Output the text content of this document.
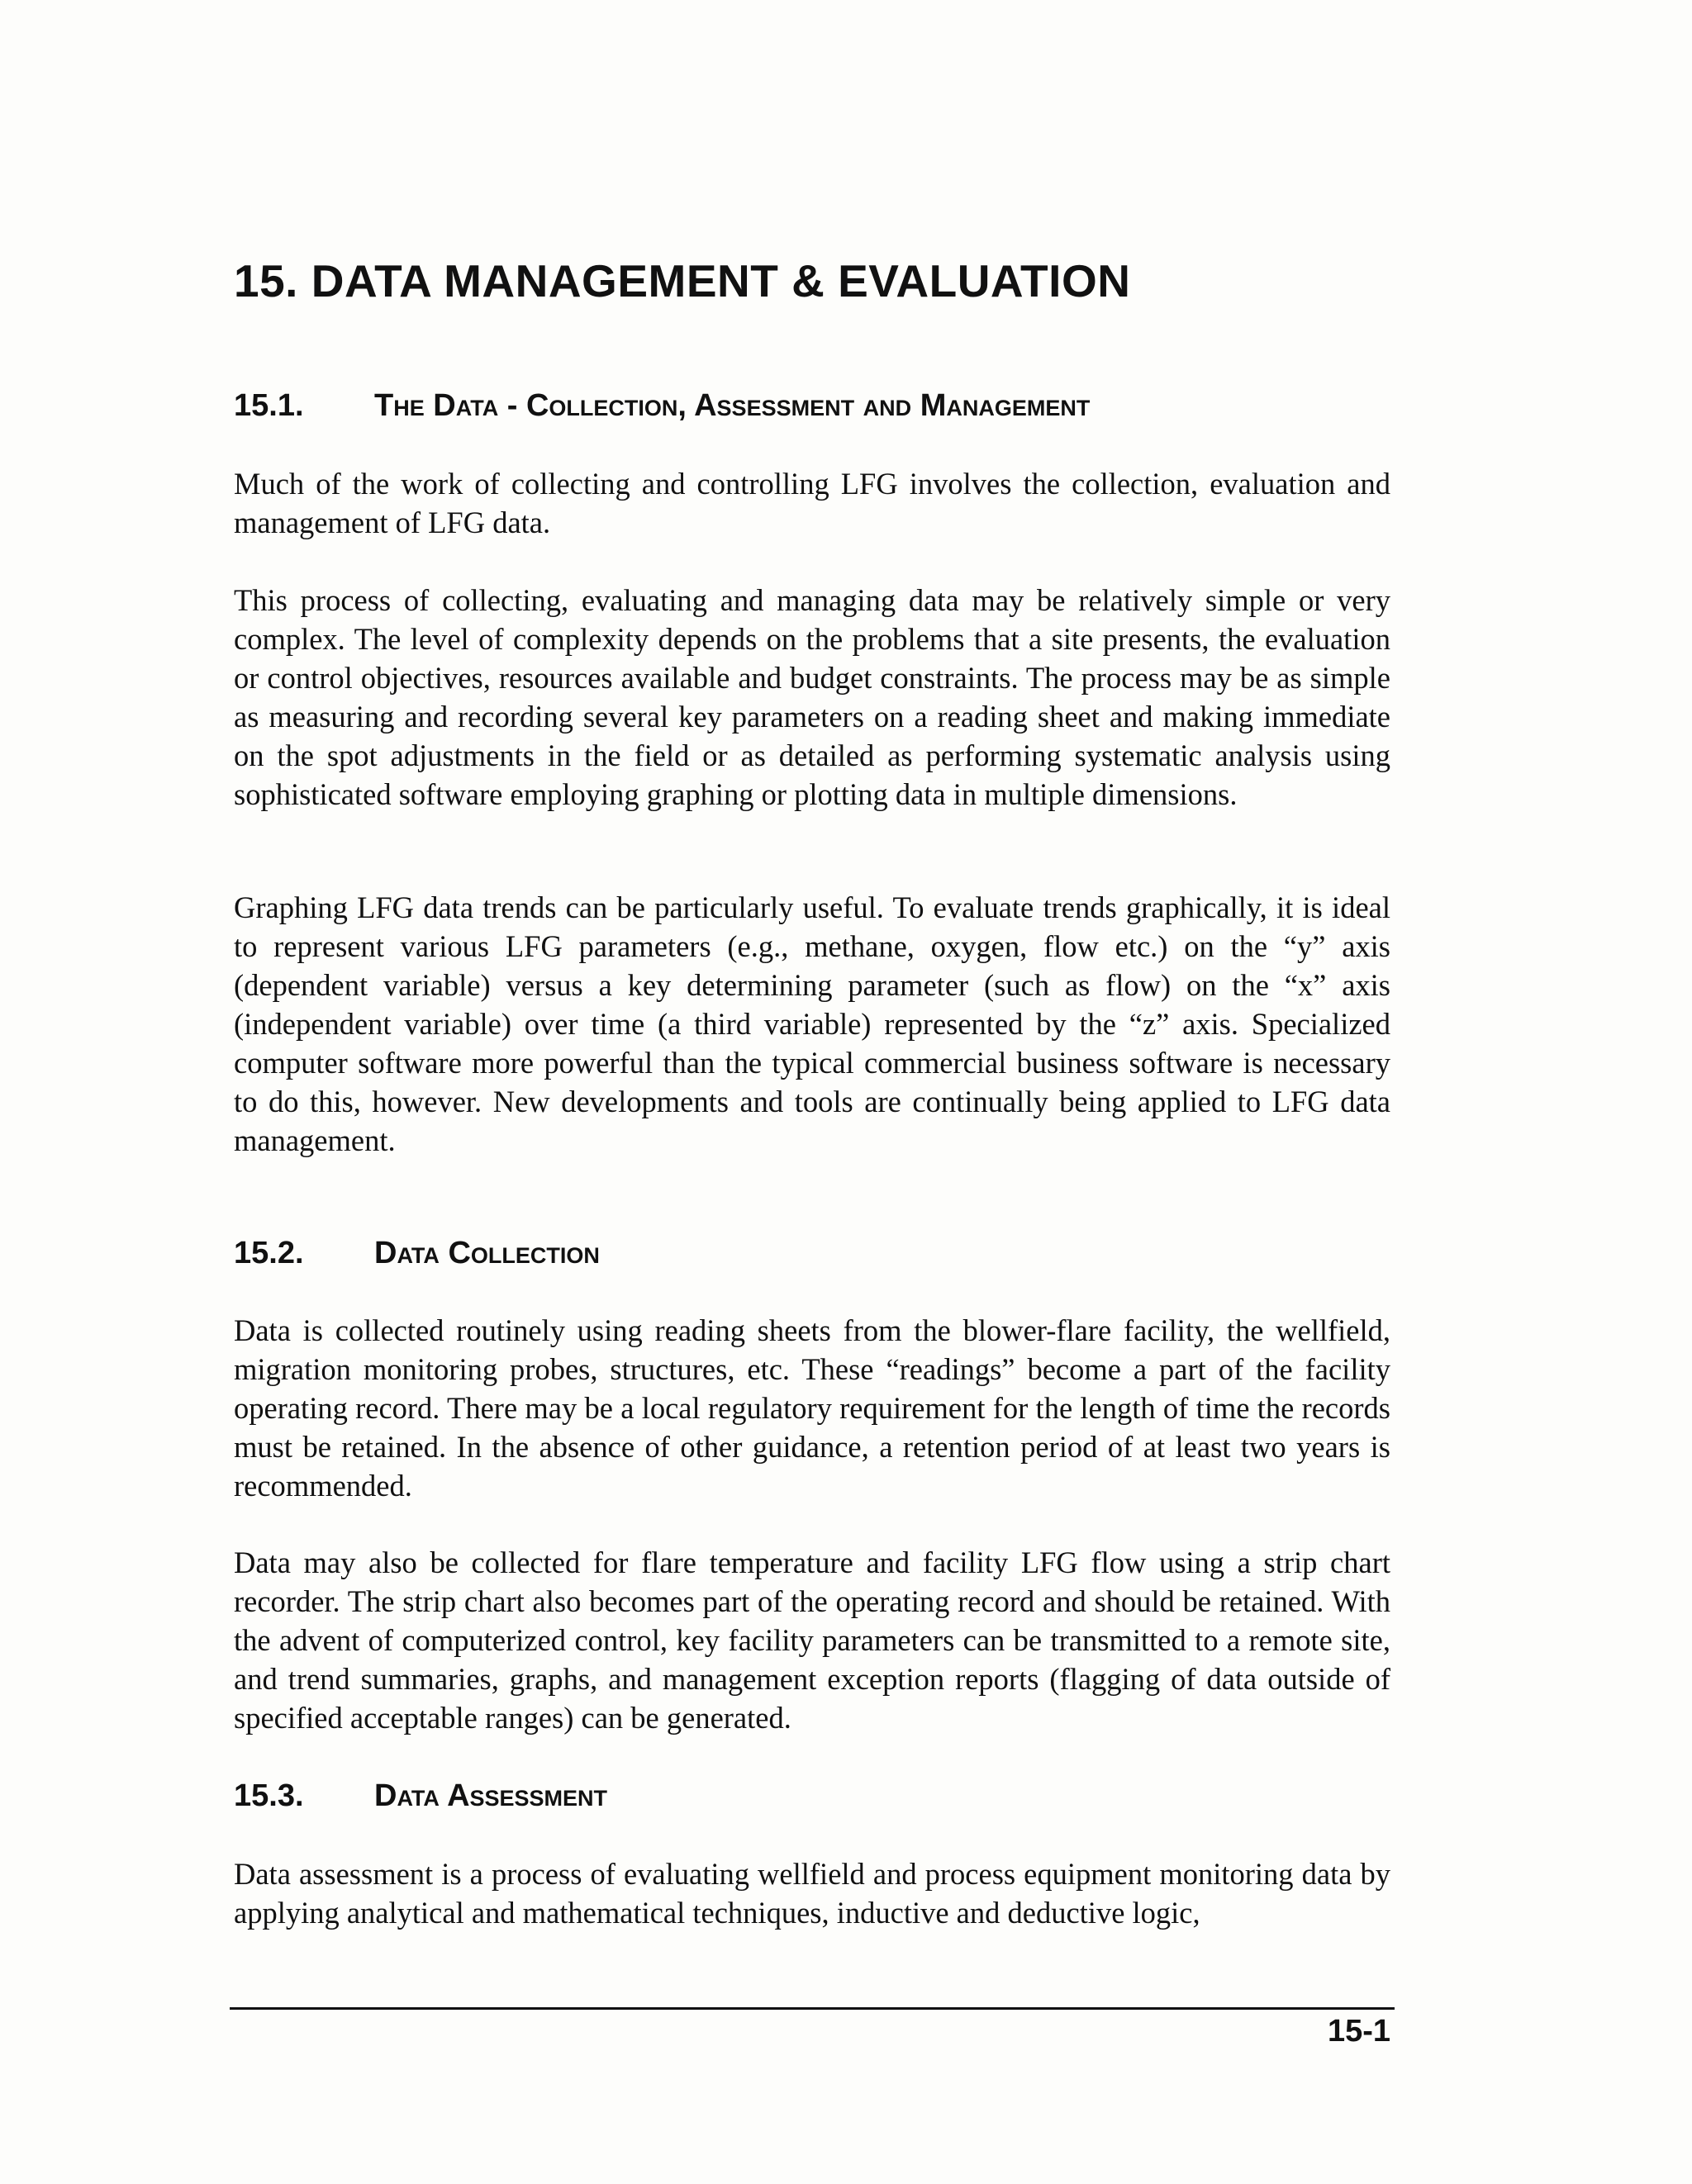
15. DATA MANAGEMENT & EVALUATION
15.1. The Data - Collection, Assessment and Management

Much of the work of collecting and controlling LFG involves the collection, evaluation and management of LFG data.

This process of collecting, evaluating and managing data may be relatively simple or very complex. The level of complexity depends on the problems that a site presents, the evaluation or control objectives, resources available and budget constraints. The process may be as simple as measuring and recording several key parameters on a reading sheet and making immediate on the spot adjustments in the field or as detailed as performing systematic analysis using sophisticated software employing graphing or plotting data in multiple dimensions.

Graphing LFG data trends can be particularly useful. To evaluate trends graphically, it is ideal to represent various LFG parameters (e.g., methane, oxygen, flow etc.) on the “y” axis (dependent variable) versus a key determining parameter (such as flow) on the “x” axis (independent variable) over time (a third variable) represented by the “z” axis. Specialized computer software more powerful than the typical commercial business software is necessary to do this, however. New developments and tools are continually being applied to LFG data management.

15.2. Data Collection

Data is collected routinely using reading sheets from the blower-flare facility, the wellfield, migration monitoring probes, structures, etc. These “readings” become a part of the facility operating record. There may be a local regulatory requirement for the length of time the records must be retained. In the absence of other guidance, a retention period of at least two years is recommended.

Data may also be collected for flare temperature and facility LFG flow using a strip chart recorder. The strip chart also becomes part of the operating record and should be retained. With the advent of computerized control, key facility parameters can be transmitted to a remote site, and trend summaries, graphs, and management exception reports (flagging of data outside of specified acceptable ranges) can be generated.

15.3. Data Assessment

Data assessment is a process of evaluating wellfield and process equipment monitoring data by applying analytical and mathematical techniques, inductive and deductive logic,

15-1
